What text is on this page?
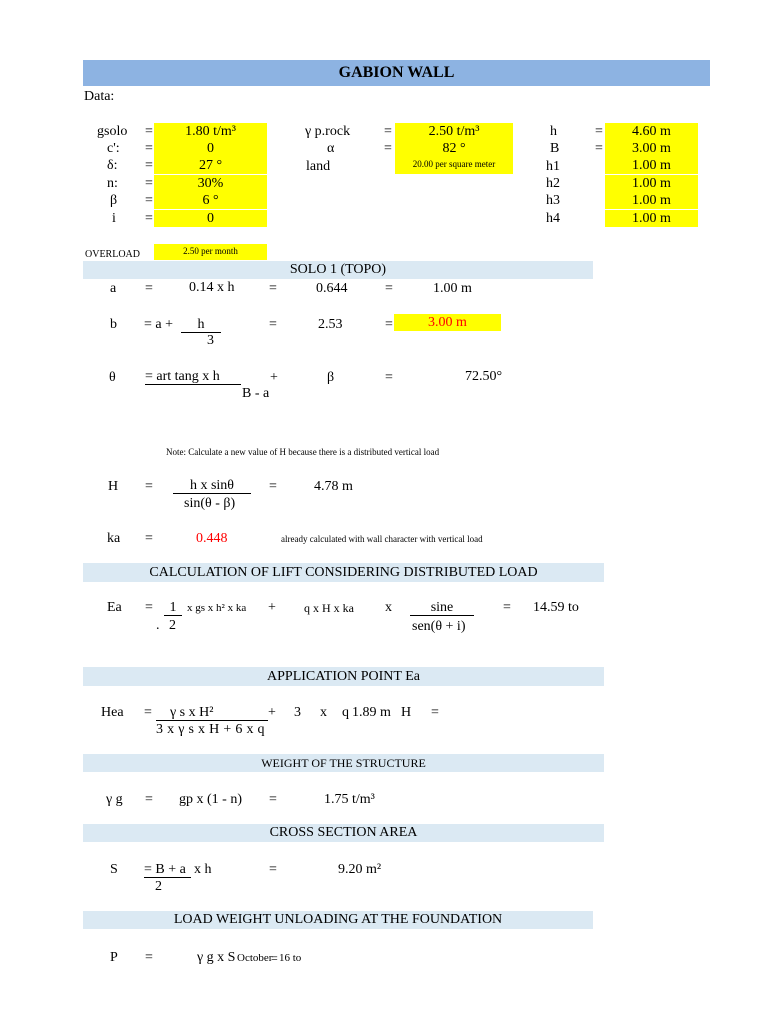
GABION WALL
Data:
gsolo =	1.80 t/m³
c': =	0
δ: =	27 °
n: =	30%
β =	6 °
i =	0
γ p.rock =	2.50 t/m³
α	=	82 °
land	20.00 per square meter
h	=	4.60 m
B	=	3.00 m
h1	1.00 m
h2	1.00 m
h3	1.00 m
h4	1.00 m
OVERLOAD	2.50 per month
SOLO 1 (TOPO)
a =	0.14 x h =	0.644	=	1.00 m
b = a +	h
3
=	2.53	=	3.00 m
θ = art tang x h
B - a
+	β	=	72.50°
Note: Calculate a new value of H because there is a distributed vertical load
H =	h x sinθ
sin(θ - β)
=	4.78 m
ka =	0.448	already calculated with wall character with vertical load
CALCULATION OF LIFT CONSIDERING DISTRIBUTED LOAD
Ea =	1
. 2
x gs x h² x ka + q x H x ka x	sine
sen(θ + i)
= 14.59 to
APPLICATION POINT Ea
Hea =	γ s x H²	+ 3 x q 1.89 m H =
3 x γ s x H + 6 x q
WEIGHT OF THE STRUCTURE
γ g = gp x (1 - n) =	1.75 t/m³
CROSS SECTION AREA
S = B + a x h
2
=	9.20 m²
LOAD WEIGHT UNLOADING AT THE FOUNDATION
P =	γ g x S October
= 16 to
